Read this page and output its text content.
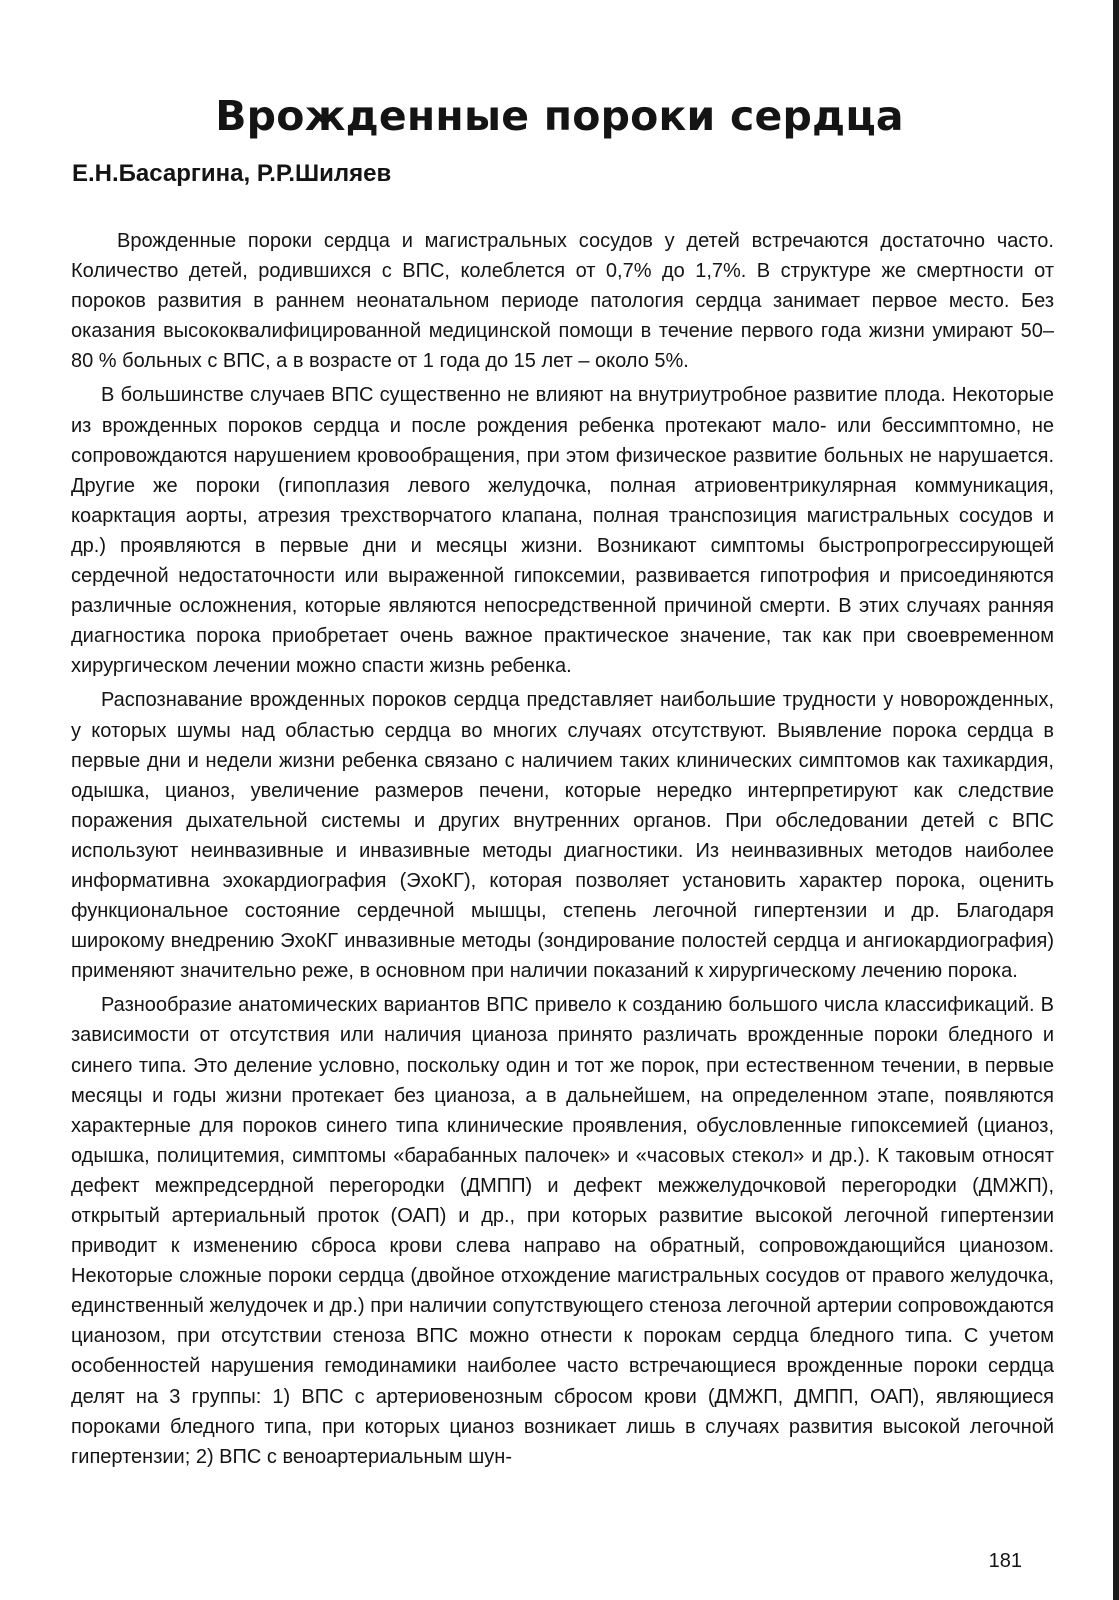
Врожденные пороки сердца
Е.Н.Басаргина, Р.Р.Шиляев

Врожденные пороки сердца и магистральных сосудов у детей встречаются достаточно часто. Количество детей, родившихся с ВПС, колеблется от 0,7% до 1,7%. В структуре же смертности от пороков развития в раннем неонатальном периоде патология сердца занимает первое место. Без оказания высококвалифицированной медицинской помощи в течение первого года жизни умирают 50–80 % больных с ВПС, а в возрасте от 1 года до 15 лет – около 5%.

В большинстве случаев ВПС существенно не влияют на внутриутробное развитие плода. Некоторые из врожденных пороков сердца и после рождения ребенка протекают мало- или бессимптомно, не сопровождаются нарушением кровообращения, при этом физическое развитие больных не нарушается. Другие же пороки (гипоплазия левого желудочка, полная атриовентрикулярная коммуникация, коарктация аорты, атрезия трехстворчатого клапана, полная транспозиция магистральных сосудов и др.) проявляются в первые дни и месяцы жизни. Возникают симптомы быстропрогрессирующей сердечной недостаточности или выраженной гипоксемии, развивается гипотрофия и присоединяются различные осложнения, которые являются непосредственной причиной смерти. В этих случаях ранняя диагностика порока приобретает очень важное практическое значение, так как при своевременном хирургическом лечении можно спасти жизнь ребенка.

Распознавание врожденных пороков сердца представляет наибольшие трудности у новорожденных, у которых шумы над областью сердца во многих случаях отсутствуют. Выявление порока сердца в первые дни и недели жизни ребенка связано с наличием таких клинических симптомов как тахикардия, одышка, цианоз, увеличение размеров печени, которые нередко интерпретируют как следствие поражения дыхательной системы и других внутренних органов. При обследовании детей с ВПС используют неинвазивные и инвазивные методы диагностики. Из неинвазивных методов наиболее информативна эхокардиография (ЭхоКГ), которая позволяет установить характер порока, оценить функциональное состояние сердечной мышцы, степень легочной гипертензии и др. Благодаря широкому внедрению ЭхоКГ инвазивные методы (зондирование полостей сердца и ангиокардиография) применяют значительно реже, в основном при наличии показаний к хирургическому лечению порока.

Разнообразие анатомических вариантов ВПС привело к созданию большого числа классификаций. В зависимости от отсутствия или наличия цианоза принято различать врожденные пороки бледного и синего типа. Это деление условно, поскольку один и тот же порок, при естественном течении, в первые месяцы и годы жизни протекает без цианоза, а в дальнейшем, на определенном этапе, появляются характерные для пороков синего типа клинические проявления, обусловленные гипоксемией (цианоз, одышка, полицитемия, симптомы «барабанных палочек» и «часовых стекол» и др.). К таковым относят дефект межпредсердной перегородки (ДМПП) и дефект межжелудочковой перегородки (ДМЖП), открытый артериальный проток (ОАП) и др., при которых развитие высокой легочной гипертензии приводит к изменению сброса крови слева направо на обратный, сопровождающийся цианозом. Некоторые сложные пороки сердца (двойное отхождение магистральных сосудов от правого желудочка, единственный желудочек и др.) при наличии сопутствующего стеноза легочной артерии сопровождаются цианозом, при отсутствии стеноза ВПС можно отнести к порокам сердца бледного типа. С учетом особенностей нарушения гемодинамики наиболее часто встречающиеся врожденные пороки сердца делят на 3 группы: 1) ВПС с артериовенозным сбросом крови (ДМЖП, ДМПП, ОАП), являющиеся пороками бледного типа, при которых цианоз возникает лишь в случаях развития высокой легочной гипертензии; 2) ВПС с веноартериальным шун-

181
